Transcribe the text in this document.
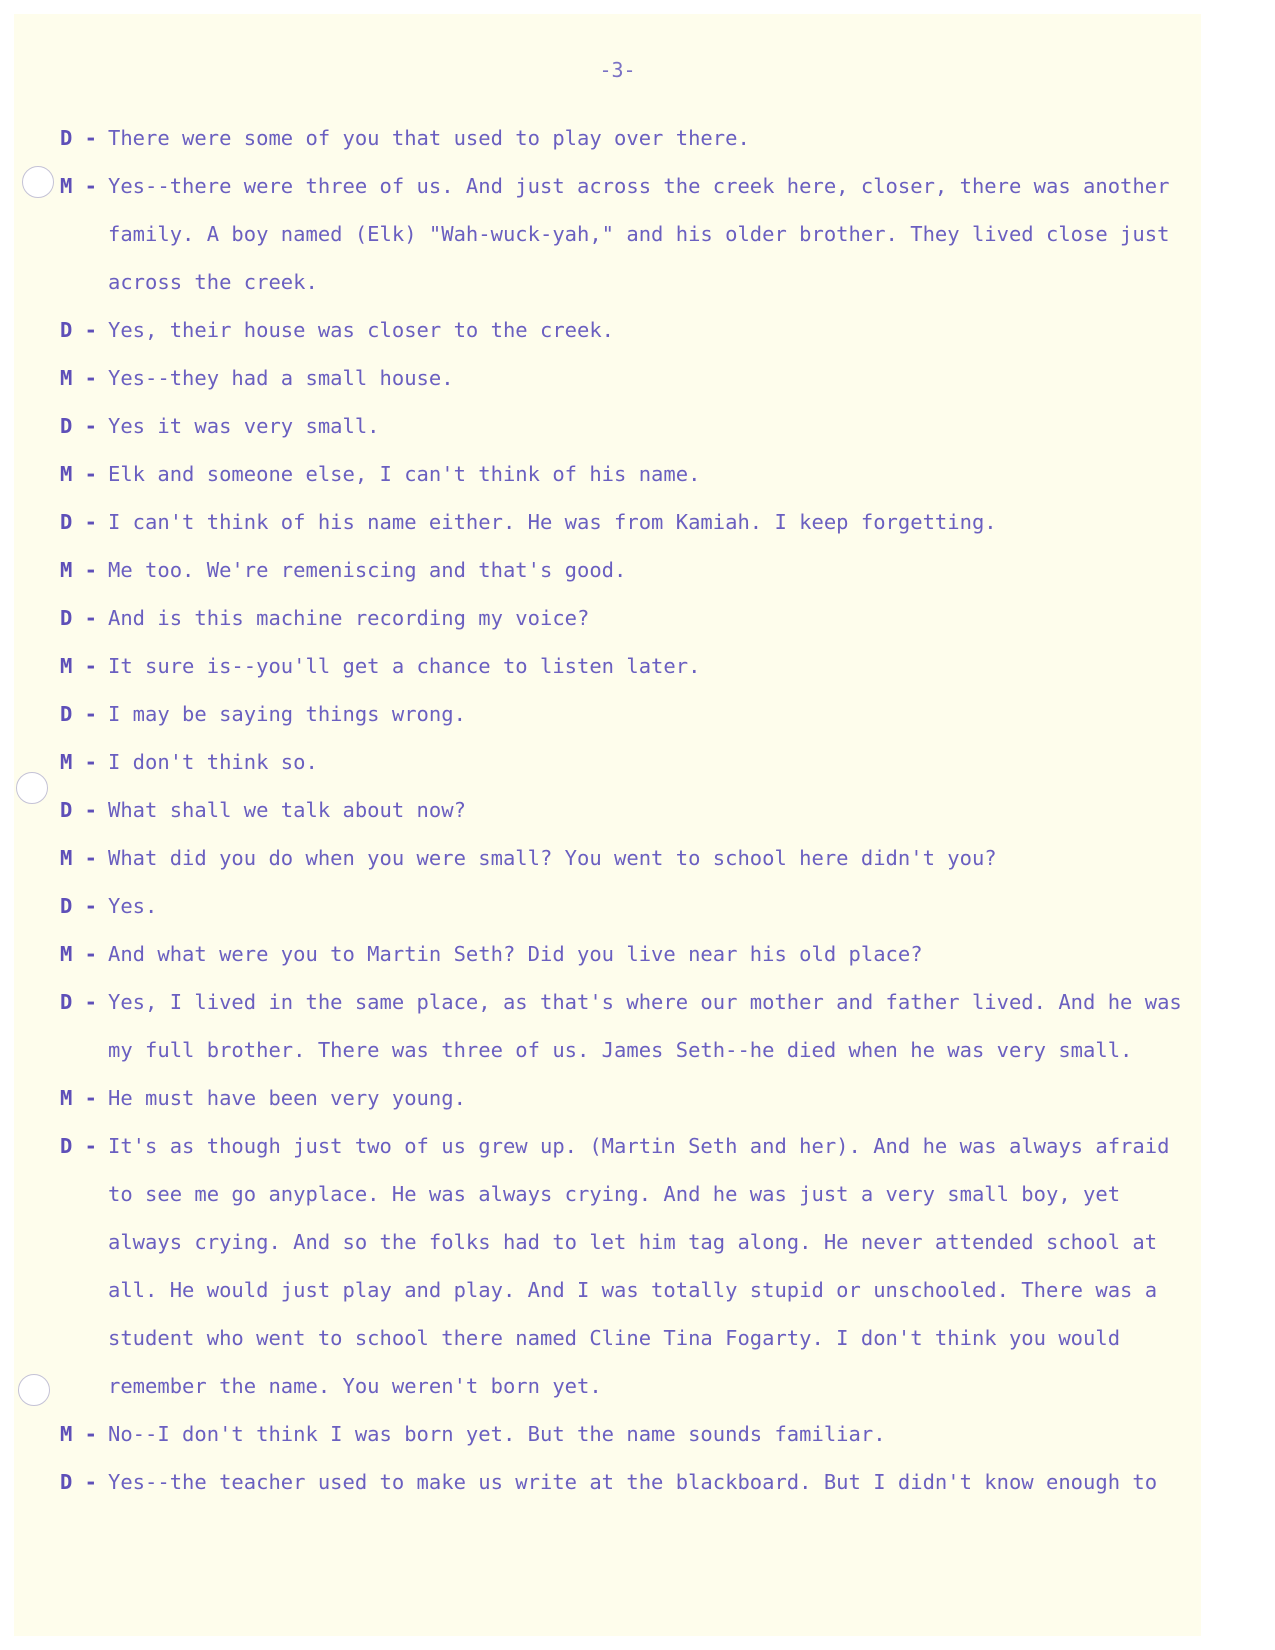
-3-
D - There were some of you that used to play over there.
M - Yes--there were three of us. And just across the creek here, closer, there was another family. A boy named (Elk) "Wah-wuck-yah," and his older brother. They lived close just across the creek.
D - Yes, their house was closer to the creek.
M - Yes--they had a small house.
D - Yes it was very small.
M - Elk and someone else, I can't think of his name.
D - I can't think of his name either. He was from Kamiah. I keep forgetting.
M - Me too. We're remeniscing and that's good.
D - And is this machine recording my voice?
M - It sure is--you'll get a chance to listen later.
D - I may be saying things wrong.
M - I don't think so.
D - What shall we talk about now?
M - What did you do when you were small? You went to school here didn't you?
D - Yes.
M - And what were you to Martin Seth? Did you live near his old place?
D - Yes, I lived in the same place, as that's where our mother and father lived. And he was my full brother. There was three of us. James Seth--he died when he was very small.
M - He must have been very young.
D - It's as though just two of us grew up. (Martin Seth and her). And he was always afraid to see me go anyplace. He was always crying. And he was just a very small boy, yet always crying. And so the folks had to let him tag along. He never attended school at all. He would just play and play. And I was totally stupid or unschooled. There was a student who went to school there named Cline Tina Fogarty. I don't think you would remember the name. You weren't born yet.
M - No--I don't think I was born yet. But the name sounds familiar.
D - Yes--the teacher used to make us write at the blackboard. But I didn't know enough to
